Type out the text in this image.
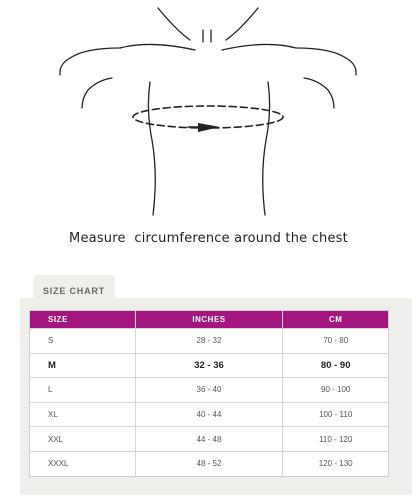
Measure  circumference around the chest
SIZE CHART
SIZE	INCHES	CM
S	28 - 32	70 - 80
M	32 - 36	80 - 90
L	36 - 40	90 - 100
XL	40 - 44	100 - 110
XXL	44 - 48	110 - 120
XXXL	48 - 52	120 - 130
